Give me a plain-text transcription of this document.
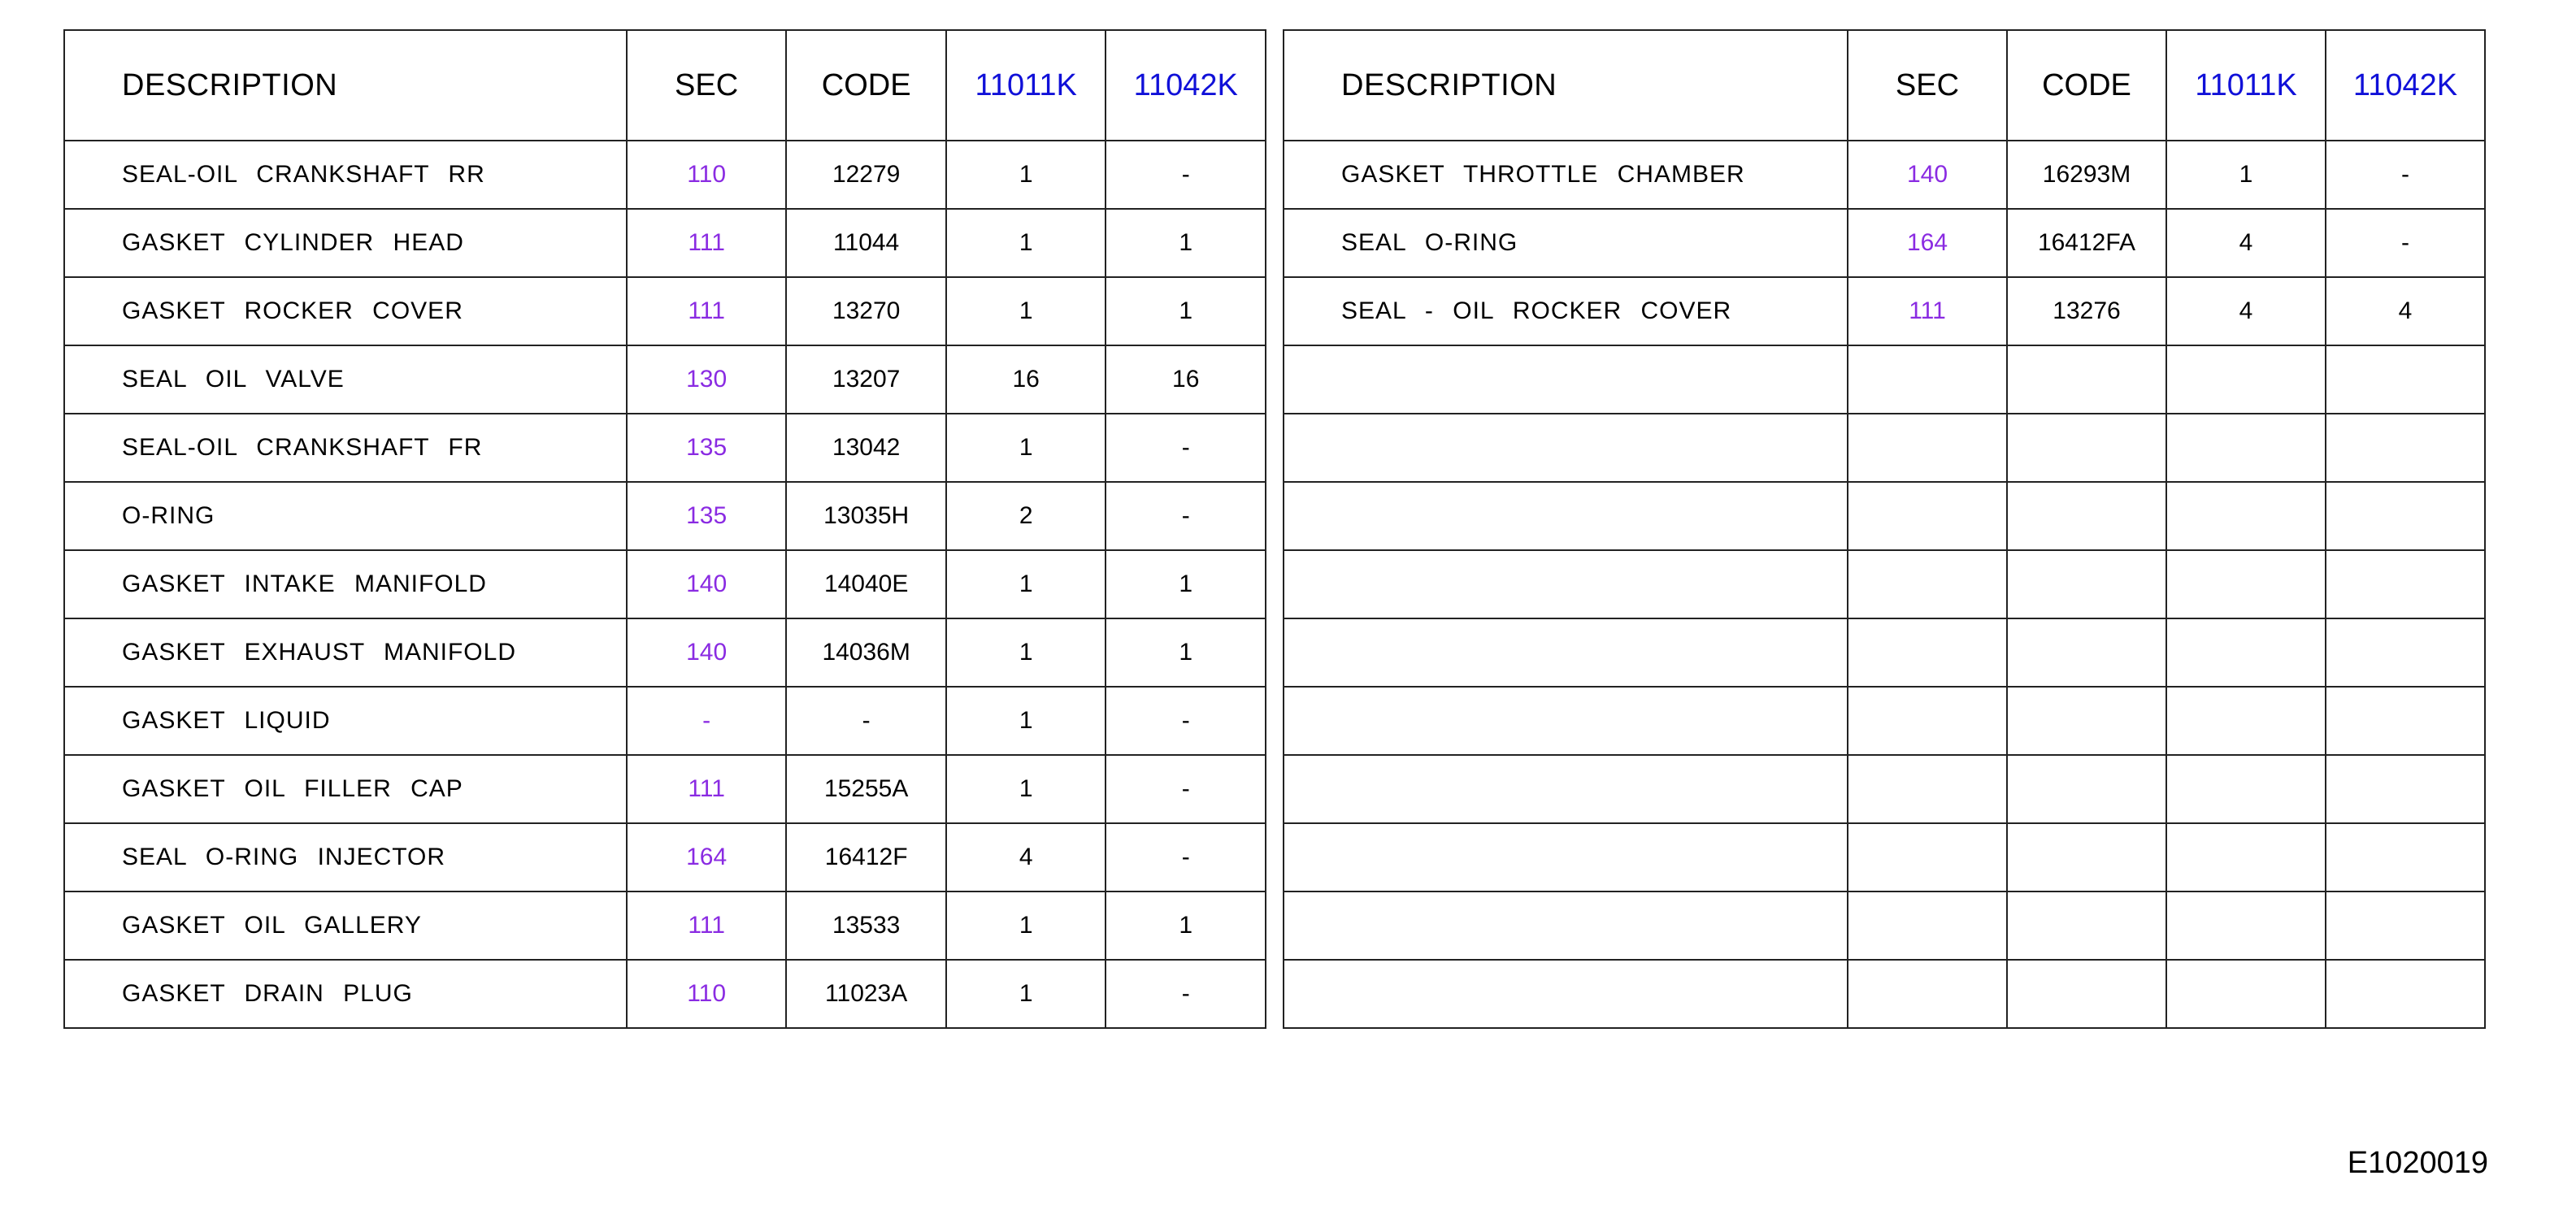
DESCRIPTION	SEC	CODE	11011K	11042K
SEAL-OIL CRANKSHAFT RR	110	12279	1	-
GASKET CYLINDER HEAD	111	11044	1	1
GASKET ROCKER COVER	111	13270	1	1
SEAL OIL VALVE	130	13207	16	16
SEAL-OIL CRANKSHAFT FR	135	13042	1	-
O-RING	135	13035H	2	-
GASKET INTAKE MANIFOLD	140	14040E	1	1
GASKET EXHAUST MANIFOLD	140	14036M	1	1
GASKET LIQUID	-	-	1	-
GASKET OIL FILLER CAP	111	15255A	1	-
SEAL O-RING INJECTOR	164	16412F	4	-
GASKET OIL GALLERY	111	13533	1	1
GASKET DRAIN PLUG	110	11023A	1	-
DESCRIPTION	SEC	CODE	11011K	11042K
GASKET THROTTLE CHAMBER	140	16293M	1	-
SEAL O-RING	164	16412FA	4	-
SEAL - OIL ROCKER COVER	111	13276	4	4

E1020019
